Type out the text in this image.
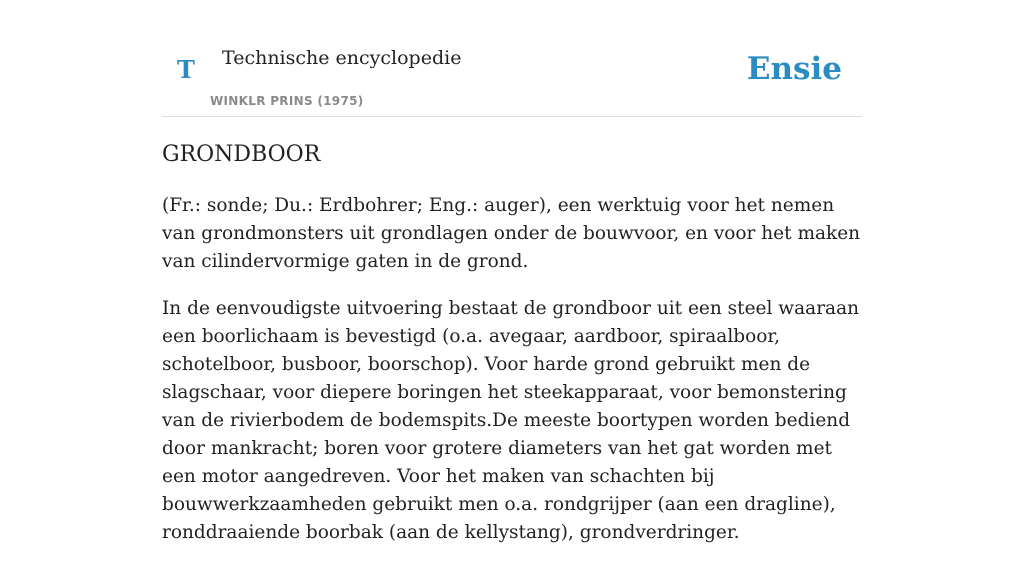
T Technische encyclopedie
WINKLR PRINS (1975)
Ensie
GRONDBOOR

(Fr.: sonde; Du.: Erdbohrer; Eng.: auger), een werktuig voor het nemen van grondmonsters uit grondlagen onder de bouwvoor, en voor het maken van cilindervormige gaten in de grond.

In de eenvoudigste uitvoering bestaat de grondboor uit een steel waaraan een boorlichaam is bevestigd (o.a. avegaar, aardboor, spiraalboor, schotelboor, busboor, boorschop). Voor harde grond gebruikt men de slagschaar, voor diepere boringen het steekapparaat, voor bemonstering van de rivierbodem de bodemspits.De meeste boortypen worden bediend door mankracht; boren voor grotere diameters van het gat worden met een motor aangedreven. Voor het maken van schachten bij bouwwerkzaamheden gebruikt men o.a. rondgrijper (aan een dragline), ronddraaiende boorbak (aan de kellystang), grondverdringer.
